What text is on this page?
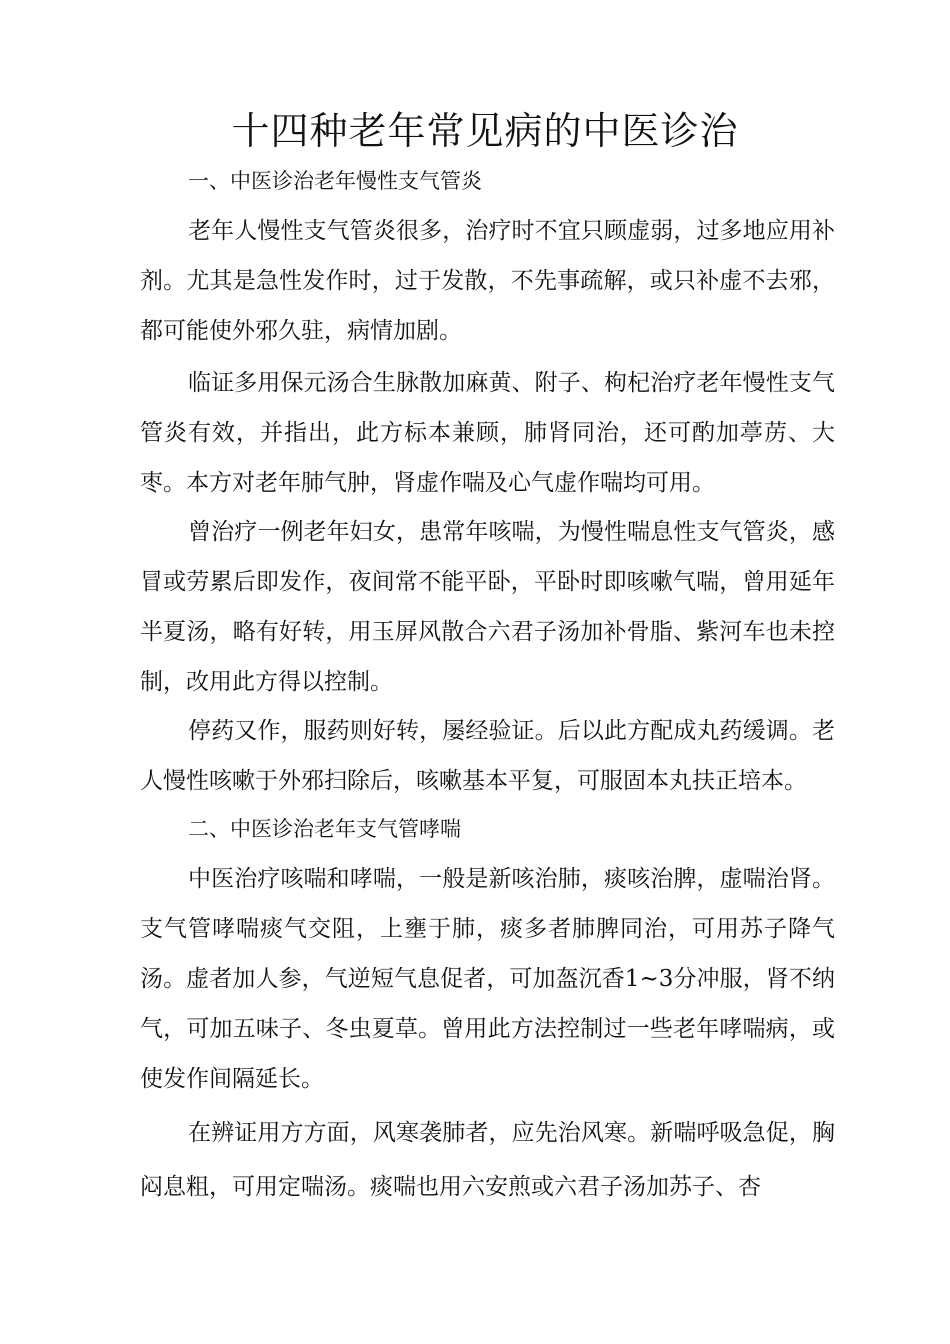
十四种老年常见病的中医诊治
一、中医诊治老年慢性支气管炎

老年人慢性支气管炎很多，治疗时不宜只顾虚弱，过多地应用补剂。尤其是急性发作时，过于发散，不先事疏解，或只补虚不去邪，都可能使外邪久驻，病情加剧。

临证多用保元汤合生脉散加麻黄、附子、枸杞治疗老年慢性支气管炎有效，并指出，此方标本兼顾，肺肾同治，还可酌加葶苈、大枣。本方对老年肺气肿，肾虚作喘及心气虚作喘均可用。

曾治疗一例老年妇女，患常年咳喘，为慢性喘息性支气管炎，感冒或劳累后即发作，夜间常不能平卧，平卧时即咳嗽气喘，曾用延年半夏汤，略有好转，用玉屏风散合六君子汤加补骨脂、紫河车也未控制，改用此方得以控制。

停药又作，服药则好转，屡经验证。后以此方配成丸药缓调。老人慢性咳嗽于外邪扫除后，咳嗽基本平复，可服固本丸扶正培本。

二、中医诊治老年支气管哮喘

中医治疗咳喘和哮喘，一般是新咳治肺，痰咳治脾，虚喘治肾。支气管哮喘痰气交阻，上壅于肺，痰多者肺脾同治，可用苏子降气汤。虚者加人参，气逆短气息促者，可加盔沉香1~3分冲服，肾不纳气，可加五味子、冬虫夏草。曾用此方法控制过一些老年哮喘病，或使发作间隔延长。

在辨证用方方面，风寒袭肺者，应先治风寒。新喘呼吸急促，胸闷息粗，可用定喘汤。痰喘也用六安煎或六君子汤加苏子、杏
